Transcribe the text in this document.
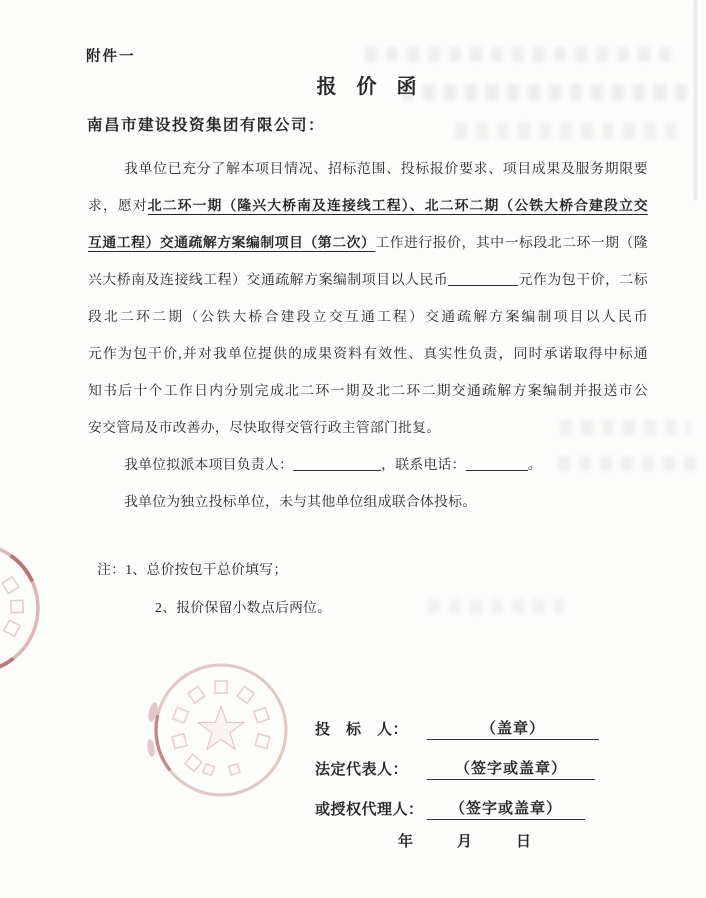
附件一
报 价 函
南昌市建设投资集团有限公司：
我单位已充分了解本项目情况、招标范围、投标报价要求、项目成果及服务期限要
求，愿对北二环一期（隆兴大桥南及连接线工程）、北二环二期（公铁大桥合建段立交
互通工程）交通疏解方案编制项目（第二次）工作进行报价，其中一标段北二环一期（隆
兴大桥南及连接线工程）交通疏解方案编制项目以人民币	元作为包干价，二标
段北二环二期（公铁大桥合建段立交互通工程）交通疏解方案编制项目以人民币
元作为包干价,并对我单位提供的成果资料有效性、真实性负责，同时承诺取得中标通
知书后十个工作日内分别完成北二环一期及北二环二期交通疏解方案编制并报送市公
安交管局及市改善办，尽快取得交管行政主管部门批复。
我单位拟派本项目负责人：	，联系电话：	。
我单位为独立投标单位，未与其他单位组成联合体投标。
注：1、总价按包干总价填写；
2、报价保留小数点后两位。
投　标　人：	（盖章）
法定代表人：	（签字或盖章）
或授权代理人：	（签字或盖章）
年	月	日
